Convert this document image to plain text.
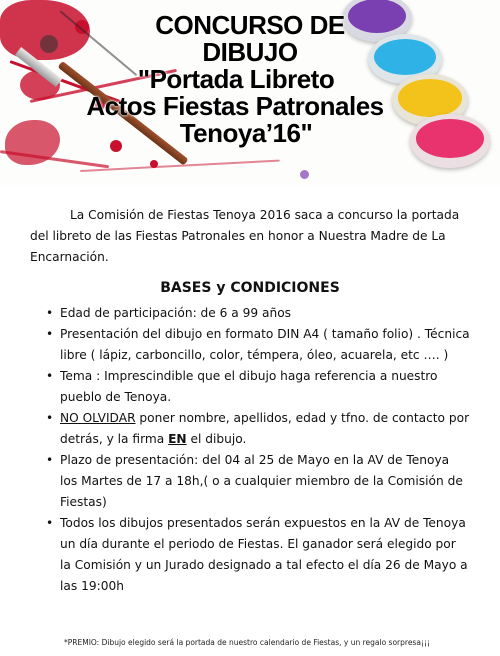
CONCURSO DE
DIBUJO
"Portada Libreto
Actos Fiestas Patronales
Tenoya’16"

La Comisión de Fiestas Tenoya 2016 saca a concurso la portada del libreto de las Fiestas Patronales en honor a Nuestra Madre de La Encarnación.

BASES y CONDICIONES
• Edad de participación: de 6 a 99 años
• Presentación del dibujo en formato DIN A4 ( tamaño folio) . Técnica libre ( lápiz, carboncillo, color, témpera, óleo, acuarela, etc …. )
• Tema : Imprescindible que el dibujo haga referencia a nuestro pueblo de Tenoya.
• NO OLVIDAR poner nombre, apellidos, edad y tfno. de contacto por detrás, y la firma EN el dibujo.
• Plazo de presentación: del 04 al 25 de Mayo en la AV de Tenoya los Martes de 17 a 18h,( o a cualquier miembro de la Comisión de Fiestas)
• Todos los dibujos presentados serán expuestos en la AV de Tenoya un día durante el periodo de Fiestas. El ganador será elegido por la Comisión y un Jurado designado a tal efecto el día 26 de Mayo a las 19:00h
*PREMIO: Dibujo elegido será la portada de nuestro calendario de Fiestas, y un regalo sorpresa¡¡¡
